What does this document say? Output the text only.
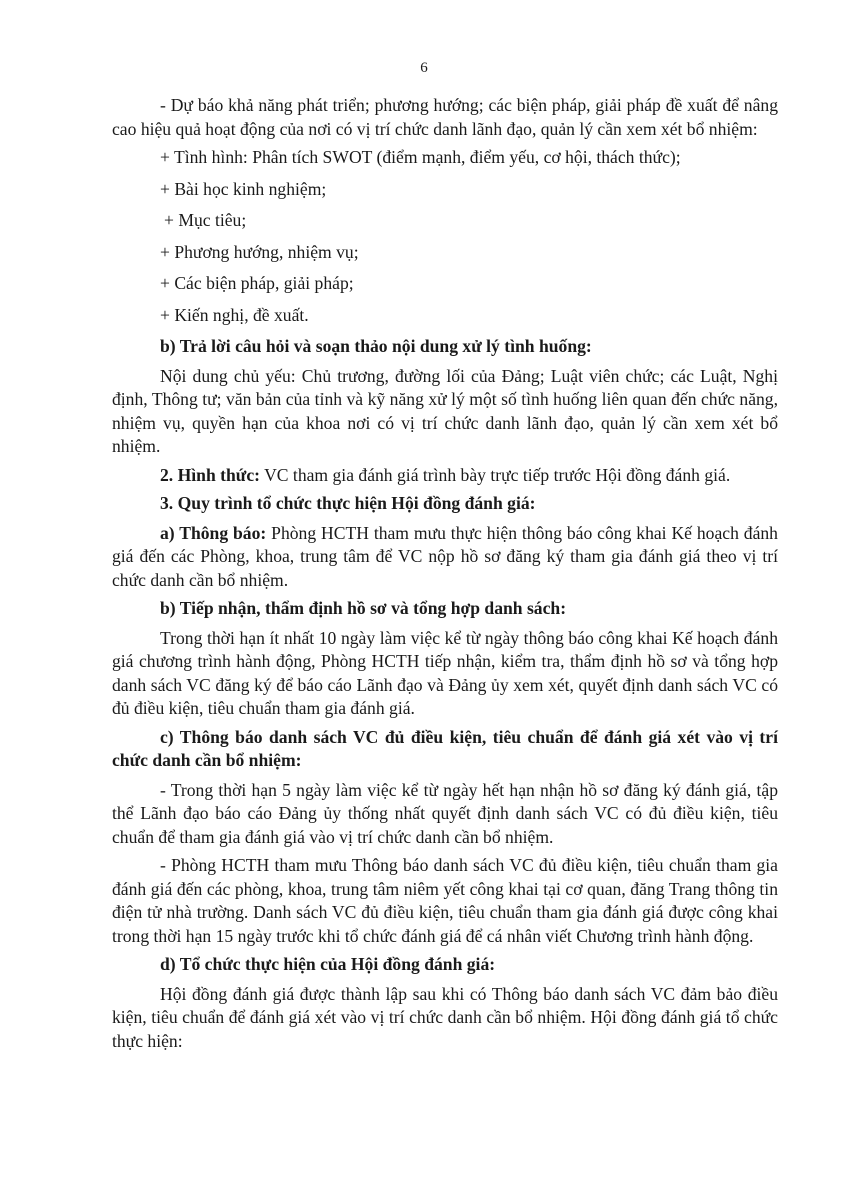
6

- Dự báo khả năng phát triển; phương hướng; các biện pháp, giải pháp đề xuất để nâng cao hiệu quả hoạt động của nơi có vị trí chức danh lãnh đạo, quản lý cần xem xét bổ nhiệm:

+ Tình hình: Phân tích SWOT (điểm mạnh, điểm yếu, cơ hội, thách thức);

+ Bài học kinh nghiệm;

+ Mục tiêu;

+ Phương hướng, nhiệm vụ;

+ Các biện pháp, giải pháp;

+ Kiến nghị, đề xuất.

b) Trả lời câu hỏi và soạn thảo nội dung xử lý tình huống:

Nội dung chủ yếu: Chủ trương, đường lối của Đảng; Luật viên chức; các Luật, Nghị định, Thông tư; văn bản của tỉnh và kỹ năng xử lý một số tình huống liên quan đến chức năng, nhiệm vụ, quyền hạn của khoa nơi có vị trí chức danh lãnh đạo, quản lý cần xem xét bổ nhiệm.

2. Hình thức: VC tham gia đánh giá trình bày trực tiếp trước Hội đồng đánh giá.

3. Quy trình tổ chức thực hiện Hội đồng đánh giá:

a) Thông báo: Phòng HCTH tham mưu thực hiện thông báo công khai Kế hoạch đánh giá đến các Phòng, khoa, trung tâm để VC nộp hồ sơ đăng ký tham gia đánh giá theo vị trí chức danh cần bổ nhiệm.

b) Tiếp nhận, thẩm định hồ sơ và tổng hợp danh sách:

Trong thời hạn ít nhất 10 ngày làm việc kể từ ngày thông báo công khai Kế hoạch đánh giá chương trình hành động, Phòng HCTH tiếp nhận, kiểm tra, thẩm định hồ sơ và tổng hợp danh sách VC đăng ký để báo cáo Lãnh đạo và Đảng ủy xem xét, quyết định danh sách VC có đủ điều kiện, tiêu chuẩn tham gia đánh giá.

c) Thông báo danh sách VC đủ điều kiện, tiêu chuẩn để đánh giá xét vào vị trí chức danh cần bổ nhiệm:

- Trong thời hạn 5 ngày làm việc kể từ ngày hết hạn nhận hồ sơ đăng ký đánh giá, tập thể Lãnh đạo báo cáo Đảng ủy thống nhất quyết định danh sách VC có đủ điều kiện, tiêu chuẩn để tham gia đánh giá vào vị trí chức danh cần bổ nhiệm.

- Phòng HCTH tham mưu Thông báo danh sách VC đủ điều kiện, tiêu chuẩn tham gia đánh giá đến các phòng, khoa, trung tâm niêm yết công khai tại cơ quan, đăng Trang thông tin điện tử nhà trường. Danh sách VC đủ điều kiện, tiêu chuẩn tham gia đánh giá được công khai trong thời hạn 15 ngày trước khi tổ chức đánh giá để cá nhân viết Chương trình hành động.

d) Tổ chức thực hiện của Hội đồng đánh giá:

Hội đồng đánh giá được thành lập sau khi có Thông báo danh sách VC đảm bảo điều kiện, tiêu chuẩn để đánh giá xét vào vị trí chức danh cần bổ nhiệm. Hội đồng đánh giá tổ chức thực hiện:
